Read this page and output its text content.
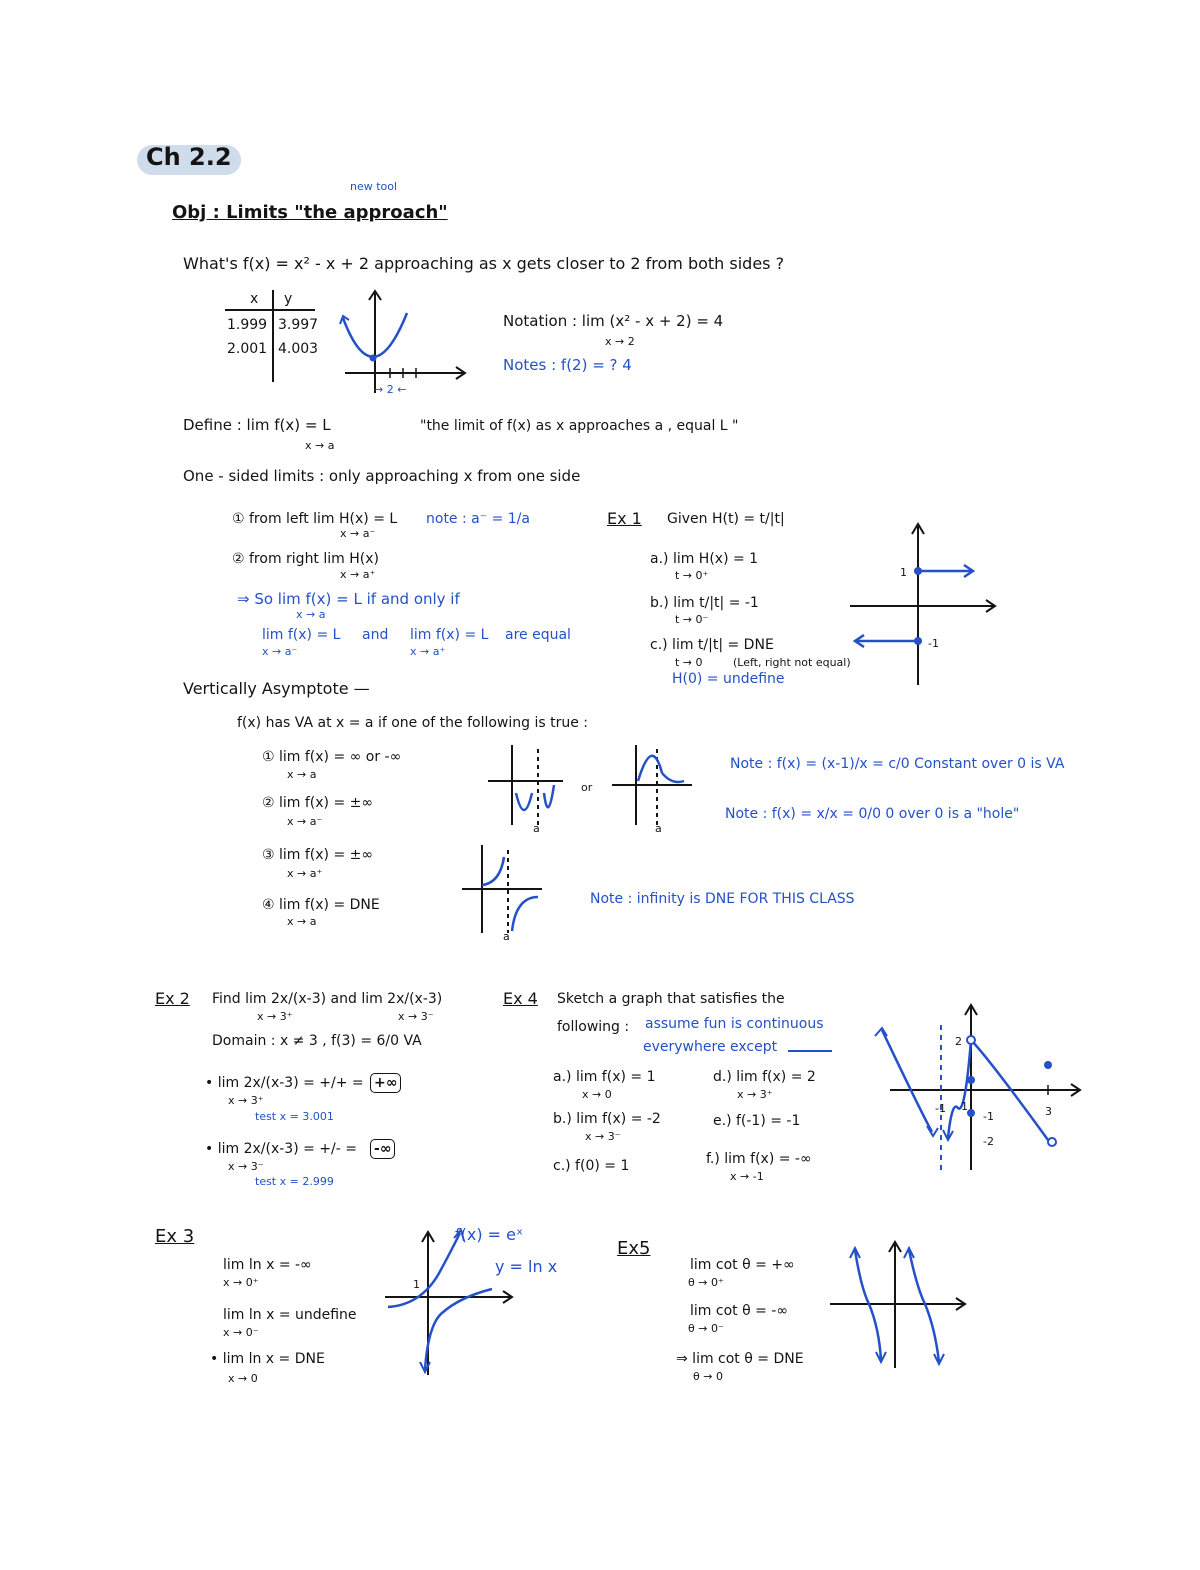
Ch 2.2
new tool
Obj : Limits "the approach"
What's f(x) = x² - x + 2 approaching as x gets closer to 2 from both sides ?
x y
1.999 3.997
2.001 4.003
→ 2 ←
Notation : lim (x² - x + 2) = 4
x → 2
Notes : f(2) = ? 4
Define : lim f(x) = L
x → a
"the limit of f(x) as x approaches a , equal L "
One - sided limits : only approaching x from one side
① from left lim H(x) = L
x → a⁻
note : a⁻ = 1/a
② from right lim H(x)
x → a⁺
⇒ So lim f(x) = L if and only if
x → a
lim f(x) = L
x → a⁻
and lim f(x) = L
x → a⁺
are equal
Ex 1 Given H(t) = t/|t|
a.) lim H(x) = 1
t → 0⁺
b.) lim t/|t| = -1
t → 0⁻
c.) lim t/|t| = DNE
t → 0	(Left, right not equal)
H(0) = undefine
1
-1
Vertically Asymptote —
f(x) has VA at x = a if one of the following is true :
① lim f(x) = ∞ or -∞
x → a
② lim f(x) = ±∞
x → a⁻
③ lim f(x) = ±∞
x → a⁺
④ lim f(x) = DNE
x → a
a
or
a
Note : f(x) = (x-1)/x = c/0 Constant over 0 is VA
Note : f(x) = x/x = 0/0 0 over 0 is a "hole"
a
Note : infinity is DNE FOR THIS CLASS
Ex 2 Find lim 2x/(x-3) and lim 2x/(x-3)
x → 3⁺	x → 3⁻
Domain : x ≠ 3 , f(3) = 6/0 VA
• lim 2x/(x-3) = +/+ =
x → 3⁺
+∞
test x = 3.001
• lim 2x/(x-3) = +/- =
x → 3⁻
-∞
test x = 2.999
Ex 4 Sketch a graph that satisfies the
following : assume fun is continuous
everywhere except
a.) lim f(x) = 1
x → 0
b.) lim f(x) = -2
x → 3⁻
c.) f(0) = 1
d.) lim f(x) = 2
x → 3⁺
e.) f(-1) = -1
f.) lim f(x) = -∞
x → -1
2
1
-1
-1
-2
3
Ex 3
lim ln x = -∞
x → 0⁺
lim ln x = undefine
x → 0⁻
• lim ln x = DNE
x → 0
1
f(x) = eˣ
y = ln x
Ex5
lim cot θ = +∞
θ → 0⁺
lim cot θ = -∞
θ → 0⁻
⇒ lim cot θ = DNE
θ → 0
